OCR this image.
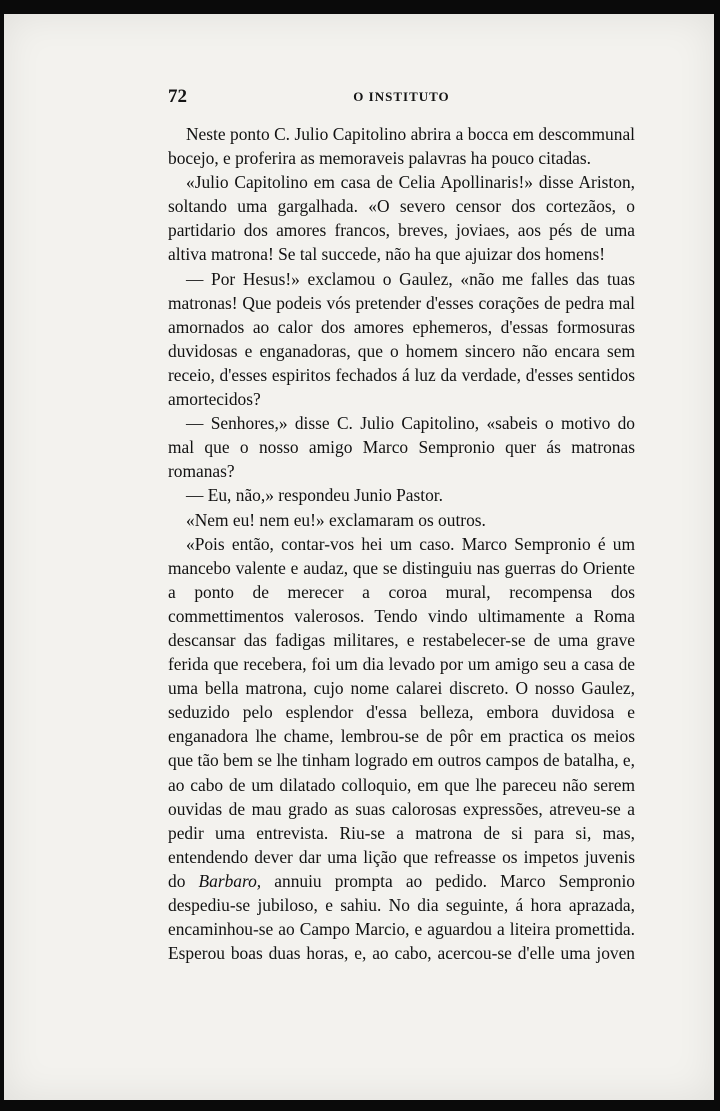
72	O INSTITUTO

Neste ponto C. Julio Capitolino abrira a bocca em descommunal bocejo, e proferira as memoraveis palavras ha pouco citadas.

«Julio Capitolino em casa de Celia Apollinaris!» disse Ariston, soltando uma gargalhada. «O severo censor dos cortezãos, o partidario dos amores francos, breves, joviaes, aos pés de uma altiva matrona! Se tal succede, não ha que ajuizar dos homens!

— Por Hesus!» exclamou o Gaulez, «não me falles das tuas matronas! Que podeis vós pretender d'esses corações de pedra mal amornados ao calor dos amores ephemeros, d'essas formosuras duvidosas e enganadoras, que o homem sincero não encara sem receio, d'esses espiritos fechados á luz da verdade, d'esses sentidos amortecidos?

— Senhores,» disse C. Julio Capitolino, «sabeis o motivo do mal que o nosso amigo Marco Sempronio quer ás matronas romanas?

— Eu, não,» respondeu Junio Pastor.

«Nem eu! nem eu!» exclamaram os outros.

«Pois então, contar-vos hei um caso. Marco Sempronio é um mancebo valente e audaz, que se distinguiu nas guerras do Oriente a ponto de merecer a coroa mural, recompensa dos commettimentos valerosos. Tendo vindo ultimamente a Roma descansar das fadigas militares, e restabelecer-se de uma grave ferida que recebera, foi um dia levado por um amigo seu a casa de uma bella matrona, cujo nome calarei discreto. O nosso Gaulez, seduzido pelo esplendor d'essa belleza, embora duvidosa e enganadora lhe chame, lembrou-se de pôr em practica os meios que tão bem se lhe tinham logrado em outros campos de batalha, e, ao cabo de um dilatado colloquio, em que lhe pareceu não serem ouvidas de mau grado as suas calorosas expressões, atreveu-se a pedir uma entrevista. Riu-se a matrona de si para si, mas, entendendo dever dar uma lição que refreasse os impetos juvenis do Barbaro, annuiu prompta ao pedido. Marco Sempronio despediu-se jubiloso, e sahiu. No dia seguinte, á hora aprazada, encaminhou-se ao Campo Marcio, e aguardou a liteira promettida. Esperou boas duas horas, e, ao cabo, acercou-se d'elle uma joven
